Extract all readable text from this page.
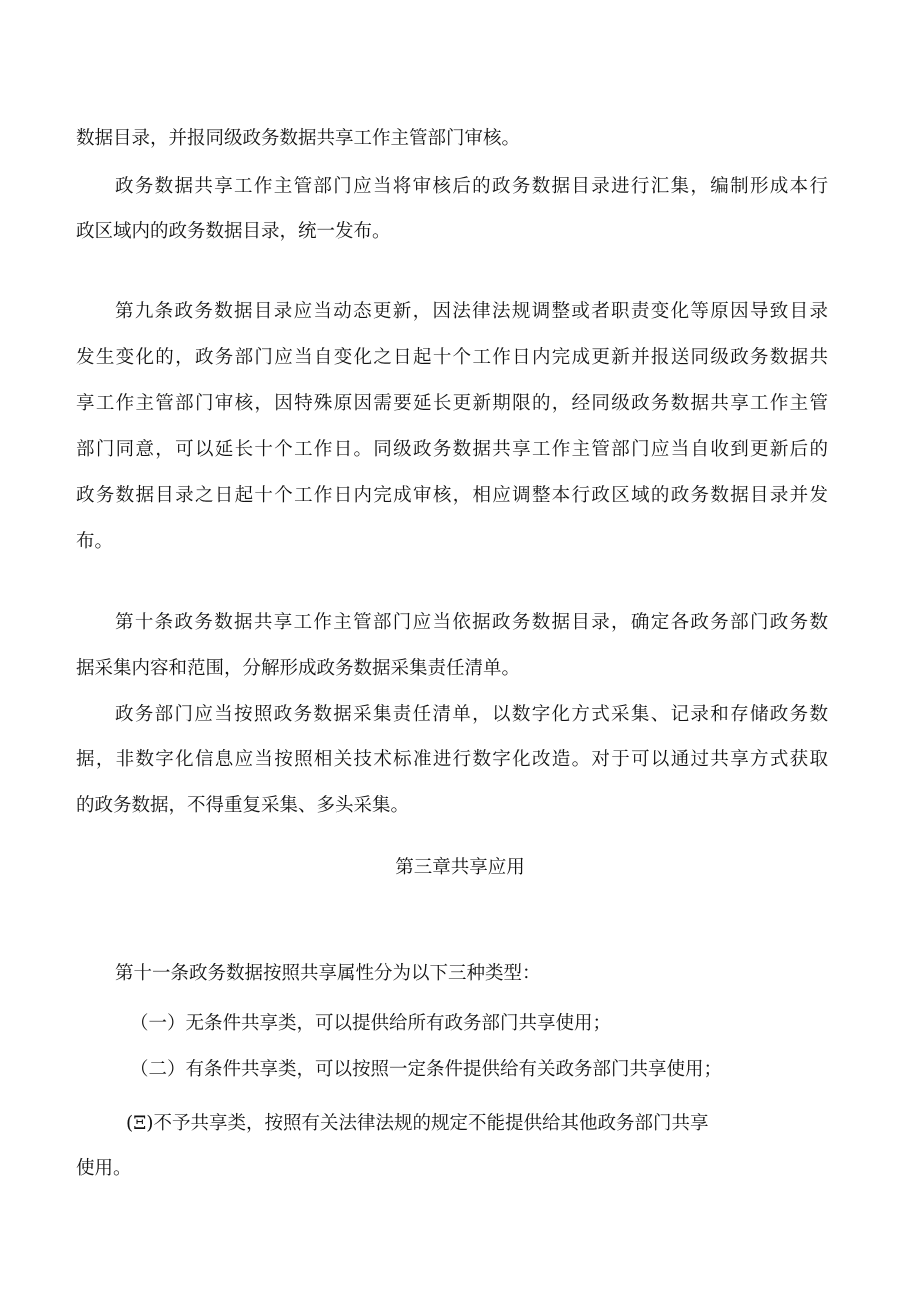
数据目录，并报同级政务数据共享工作主管部门审核。
政务数据共享工作主管部门应当将审核后的政务数据目录进行汇集，编制形成本行
政区域内的政务数据目录，统一发布。
第九条政务数据目录应当动态更新，因法律法规调整或者职责变化等原因导致目录
发生变化的，政务部门应当自变化之日起十个工作日内完成更新并报送同级政务数据共
享工作主管部门审核，因特殊原因需要延长更新期限的，经同级政务数据共享工作主管
部门同意，可以延长十个工作日。同级政务数据共享工作主管部门应当自收到更新后的
政务数据目录之日起十个工作日内完成审核，相应调整本行政区域的政务数据目录并发
布。
第十条政务数据共享工作主管部门应当依据政务数据目录，确定各政务部门政务数
据采集内容和范围，分解形成政务数据采集责任清单。
政务部门应当按照政务数据采集责任清单，以数字化方式采集、记录和存储政务数
据，非数字化信息应当按照相关技术标准进行数字化改造。对于可以通过共享方式获取
的政务数据，不得重复采集、多头采集。
第三章共享应用
第十一条政务数据按照共享属性分为以下三种类型：
（一）无条件共享类，可以提供给所有政务部门共享使用；
（二）有条件共享类，可以按照一定条件提供给有关政务部门共享使用；
(Ξ)不予共享类，按照有关法律法规的规定不能提供给其他政务部门共享
使用。
